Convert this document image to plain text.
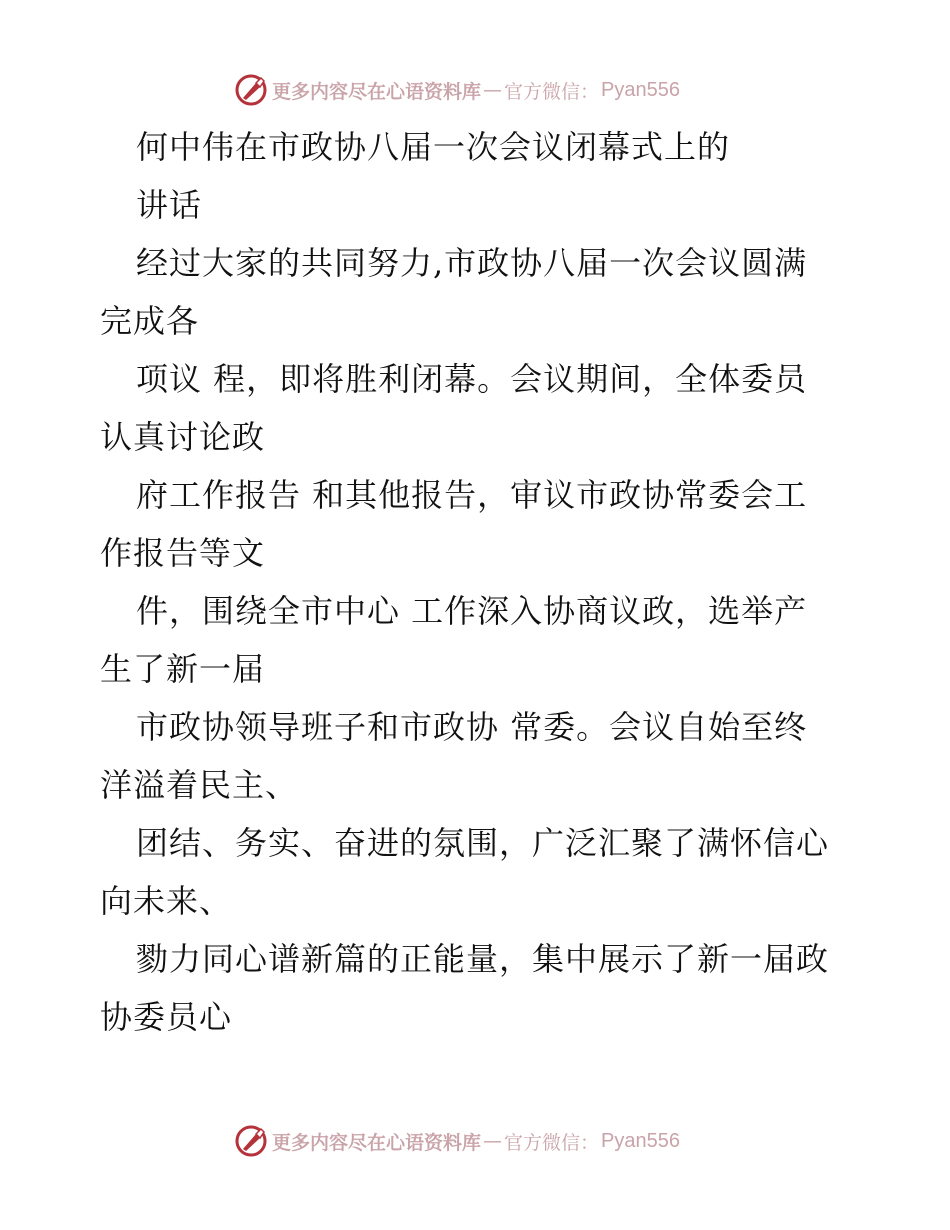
更多内容尽在心语资料库 — 官方微信： Pyan556
何中伟在市政协八届一次会议闭幕式上的
讲话
经过大家的共同努力,市政协八届一次会议圆满
完成各
项议 程，即将胜利闭幕。会议期间，全体委员
认真讨论政
府工作报告 和其他报告，审议市政协常委会工
作报告等文
件，围绕全市中心 工作深入协商议政，选举产
生了新一届
市政协领导班子和市政协 常委。会议自始至终
洋溢着民主、
团结、务实、奋进的氛围，广泛汇聚了满怀信心
向未来、
勠力同心谱新篇的正能量，集中展示了新一届政
协委员心
更多内容尽在心语资料库 — 官方微信： Pyan556
